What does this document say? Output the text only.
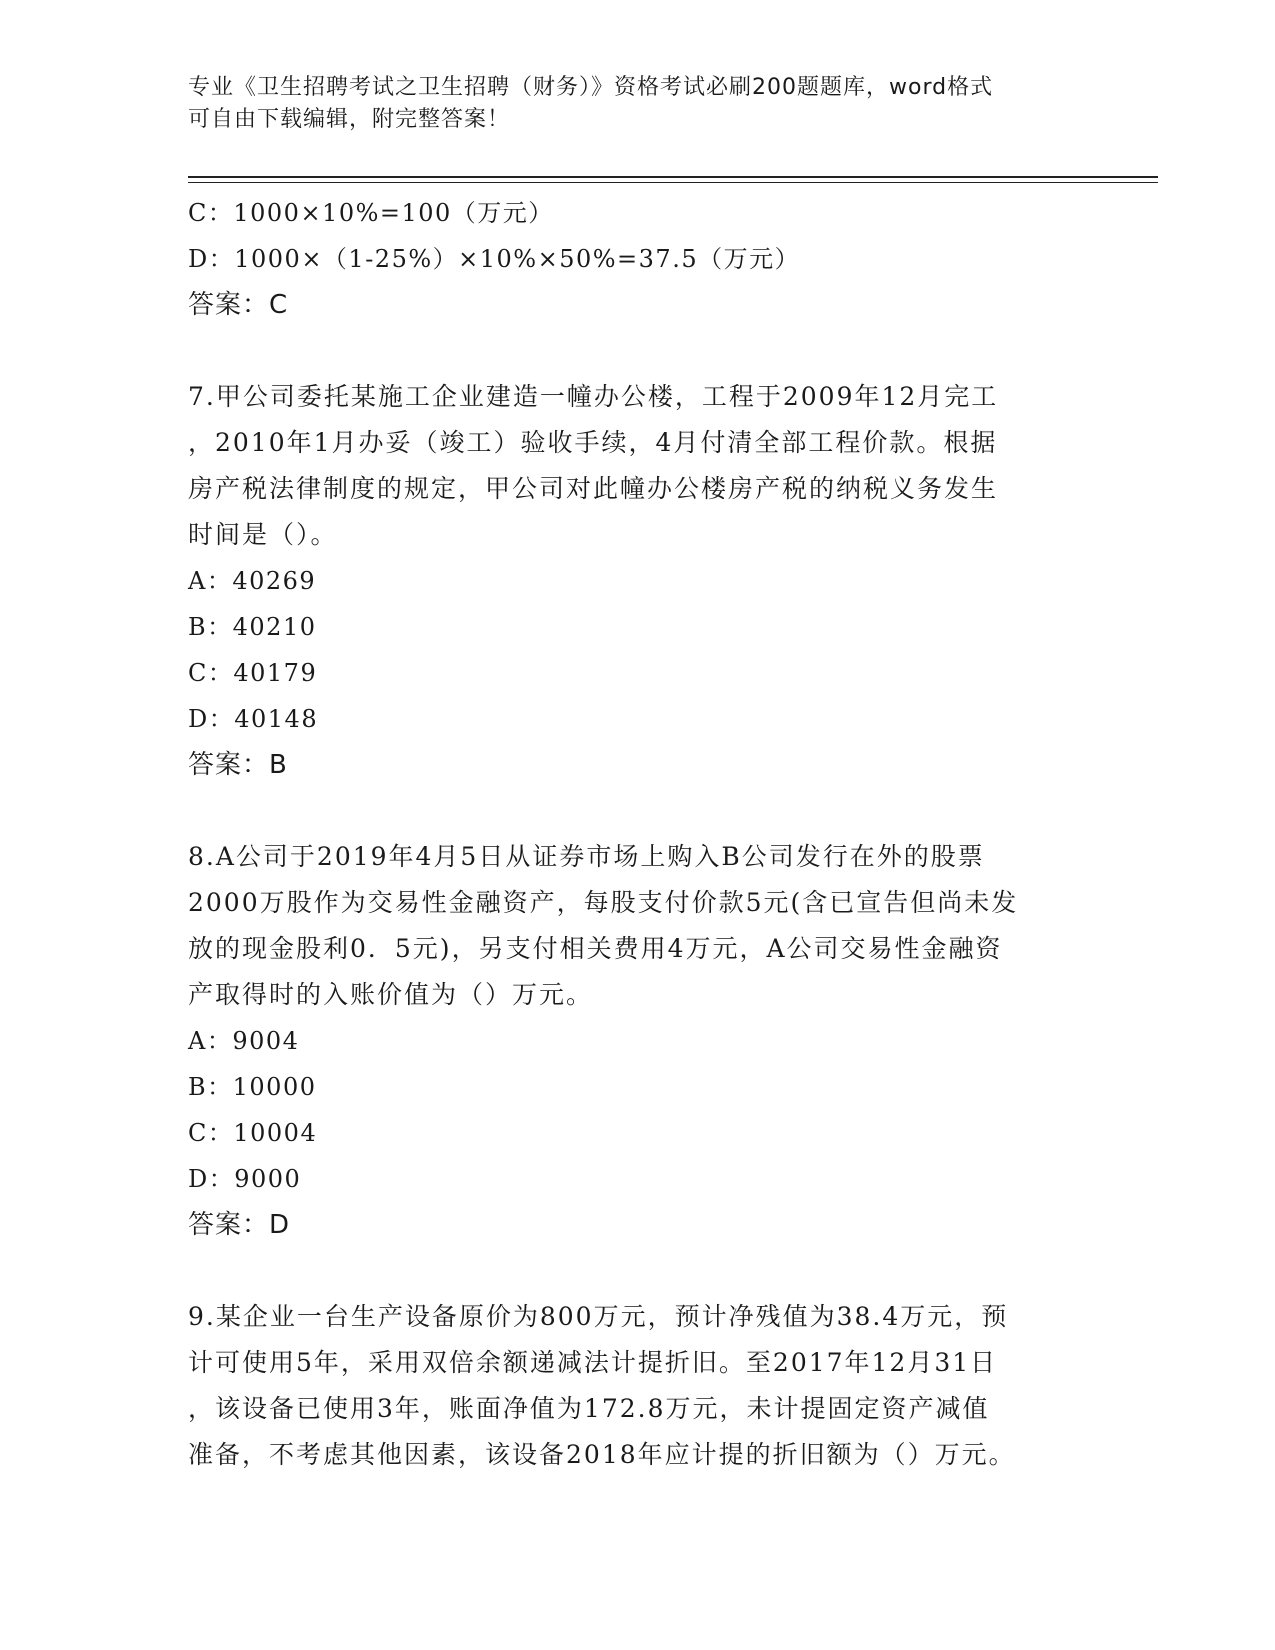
专业《卫生招聘考试之卫生招聘（财务）》资格考试必刷200题题库，word格式
可自由下载编辑，附完整答案！
C：1000×10%=100（万元）
D：1000×（1-25%）×10%×50%=37.5（万元）
答案：C
7.甲公司委托某施工企业建造一幢办公楼，工程于2009年12月完工
，2010年1月办妥（竣工）验收手续，4月付清全部工程价款。根据
房产税法律制度的规定，甲公司对此幢办公楼房产税的纳税义务发生
时间是（）。
A：40269
B：40210
C：40179
D：40148
答案：B
8.A公司于2019年4月5日从证券市场上购入B公司发行在外的股票
2000万股作为交易性金融资产，每股支付价款5元(含已宣告但尚未发
放的现金股利0．5元)，另支付相关费用4万元，A公司交易性金融资
产取得时的入账价值为（）万元。
A：9004
B：10000
C：10004
D：9000
答案：D
9.某企业一台生产设备原价为800万元，预计净残值为38.4万元，预
计可使用5年，采用双倍余额递减法计提折旧。至2017年12月31日
，该设备已使用3年，账面净值为172.8万元，未计提固定资产减值
准备，不考虑其他因素，该设备2018年应计提的折旧额为（）万元。
